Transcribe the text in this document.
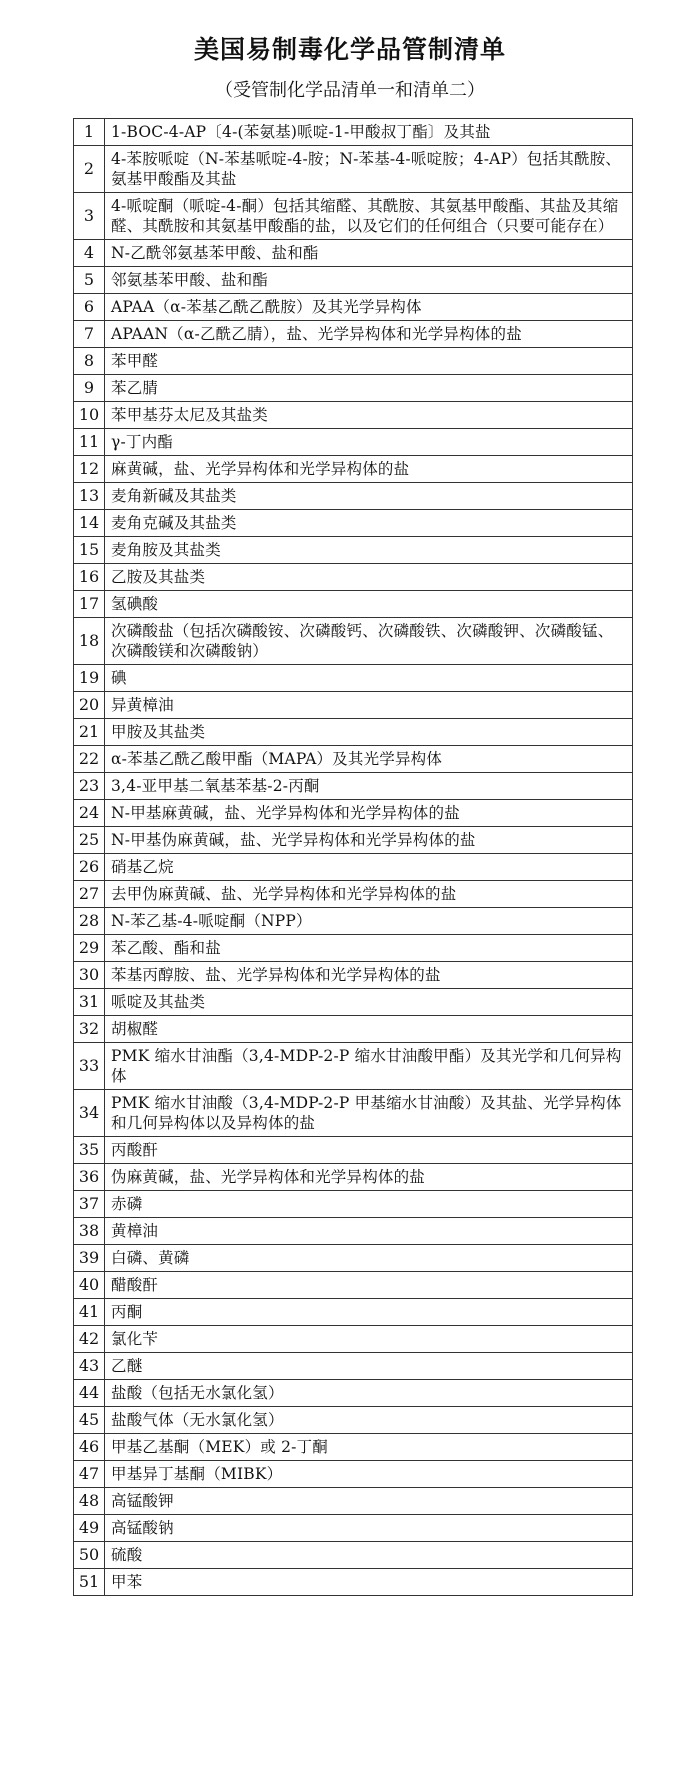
美国易制毒化学品管制清单
（受管制化学品清单一和清单二）
1	1-BOC-4-AP〔4-(苯氨基)哌啶-1-甲酸叔丁酯〕及其盐
2	4-苯胺哌啶（N-苯基哌啶-4-胺；N-苯基-4-哌啶胺；4-AP）包括其酰胺、氨基甲酸酯及其盐
3	4-哌啶酮（哌啶-4-酮）包括其缩醛、其酰胺、其氨基甲酸酯、其盐及其缩醛、其酰胺和其氨基甲酸酯的盐，以及它们的任何组合（只要可能存在）
4	N-乙酰邻氨基苯甲酸、盐和酯
5	邻氨基苯甲酸、盐和酯
6	APAA（α-苯基乙酰乙酰胺）及其光学异构体
7	APAAN（α-乙酰乙腈），盐、光学异构体和光学异构体的盐
8	苯甲醛
9	苯乙腈
10	苯甲基芬太尼及其盐类
11	γ-丁内酯
12	麻黄碱，盐、光学异构体和光学异构体的盐
13	麦角新碱及其盐类
14	麦角克碱及其盐类
15	麦角胺及其盐类
16	乙胺及其盐类
17	氢碘酸
18	次磷酸盐（包括次磷酸铵、次磷酸钙、次磷酸铁、次磷酸钾、次磷酸锰、次磷酸镁和次磷酸钠）
19	碘
20	异黄樟油
21	甲胺及其盐类
22	α-苯基乙酰乙酸甲酯（MAPA）及其光学异构体
23	3,4-亚甲基二氧基苯基-2-丙酮
24	N-甲基麻黄碱，盐、光学异构体和光学异构体的盐
25	N-甲基伪麻黄碱，盐、光学异构体和光学异构体的盐
26	硝基乙烷
27	去甲伪麻黄碱、盐、光学异构体和光学异构体的盐
28	N-苯乙基-4-哌啶酮（NPP）
29	苯乙酸、酯和盐
30	苯基丙醇胺、盐、光学异构体和光学异构体的盐
31	哌啶及其盐类
32	胡椒醛
33	PMK 缩水甘油酯（3,4-MDP-2-P 缩水甘油酸甲酯）及其光学和几何异构体
34	PMK 缩水甘油酸（3,4-MDP-2-P 甲基缩水甘油酸）及其盐、光学异构体和几何异构体以及异构体的盐
35	丙酸酐
36	伪麻黄碱，盐、光学异构体和光学异构体的盐
37	赤磷
38	黄樟油
39	白磷、黄磷
40	醋酸酐
41	丙酮
42	氯化苄
43	乙醚
44	盐酸（包括无水氯化氢）
45	盐酸气体（无水氯化氢）
46	甲基乙基酮（MEK）或 2-丁酮
47	甲基异丁基酮（MIBK）
48	高锰酸钾
49	高锰酸钠
50	硫酸
51	甲苯
